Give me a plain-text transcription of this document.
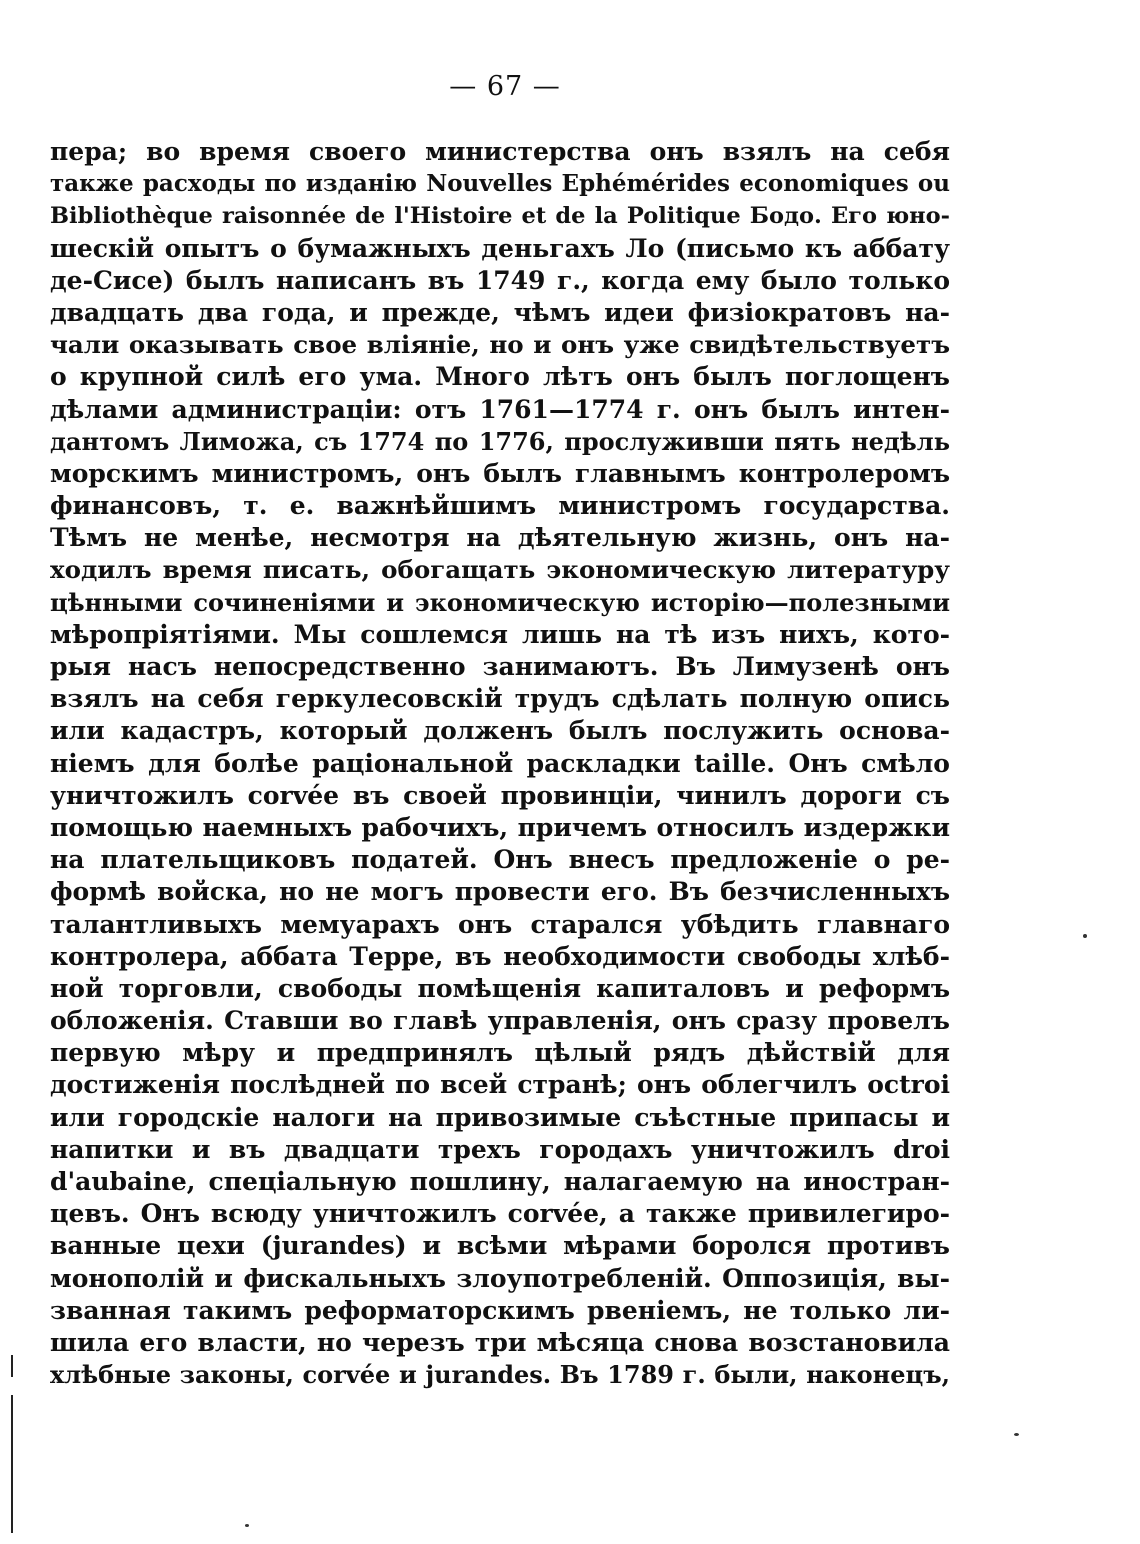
— 67 —
пера; во время своего министерства онъ взялъ на себя
также расходы по изданію Nouvelles Ephémérides economiques ou
Bibliothèque raisonnée de l'Histoire et de la Politique Бодо. Его юно-
шескій опытъ о бумажныхъ деньгахъ Ло (письмо къ аббату
де-Сисе) былъ написанъ въ 1749 г., когда ему было только
двадцать два года, и прежде, чѣмъ идеи физіократовъ на-
чали оказывать свое вліяніе, но и онъ уже свидѣтельствуетъ
о крупной силѣ его ума. Много лѣтъ онъ былъ поглощенъ
дѣлами администраціи: отъ 1761—1774 г. онъ былъ интен-
дантомъ Лиможа, съ 1774 по 1776, прослуживши пять недѣль
морскимъ министромъ, онъ былъ главнымъ контролеромъ
финансовъ, т. е. важнѣйшимъ министромъ государства.
Тѣмъ не менѣе, несмотря на дѣятельную жизнь, онъ на-
ходилъ время писать, обогащать экономическую литературу
цѣнными сочиненіями и экономическую исторію—полезными
мѣропріятіями. Мы сошлемся лишь на тѣ изъ нихъ, кото-
рыя насъ непосредственно занимаютъ. Въ Лимузенѣ онъ
взялъ на себя геркулесовскій трудъ сдѣлать полную опись
или кадастръ, который долженъ былъ послужить основа-
ніемъ для болѣе раціональной раскладки taille. Онъ смѣло
уничтожилъ corvée въ своей провинціи, чинилъ дороги съ
помощью наемныхъ рабочихъ, причемъ относилъ издержки
на плательщиковъ податей. Онъ внесъ предложеніе о ре-
формѣ войска, но не могъ провести его. Въ безчисленныхъ
талантливыхъ мемуарахъ онъ старался убѣдить главнаго
контролера, аббата Терре, въ необходимости свободы хлѣб-
ной торговли, свободы помѣщенія капиталовъ и реформъ
обложенія. Ставши во главѣ управленія, онъ сразу провелъ
первую мѣру и предпринялъ цѣлый рядъ дѣйствій для
достиженія послѣдней по всей странѣ; онъ облегчилъ octroi
или городскіе налоги на привозимые съѣстные припасы и
напитки и въ двадцати трехъ городахъ уничтожилъ droi
d'aubaine, спеціальную пошлину, налагаемую на иностран-
цевъ. Онъ всюду уничтожилъ corvée, а также привилегиро-
ванные цехи (jurandes) и всѣми мѣрами боролся противъ
монополій и фискальныхъ злоупотребленій. Оппозиція, вы-
званная такимъ реформаторскимъ рвеніемъ, не только ли-
шила его власти, но черезъ три мѣсяца снова возстановила
хлѣбные законы, corvée и jurandes. Въ 1789 г. были, наконецъ,
